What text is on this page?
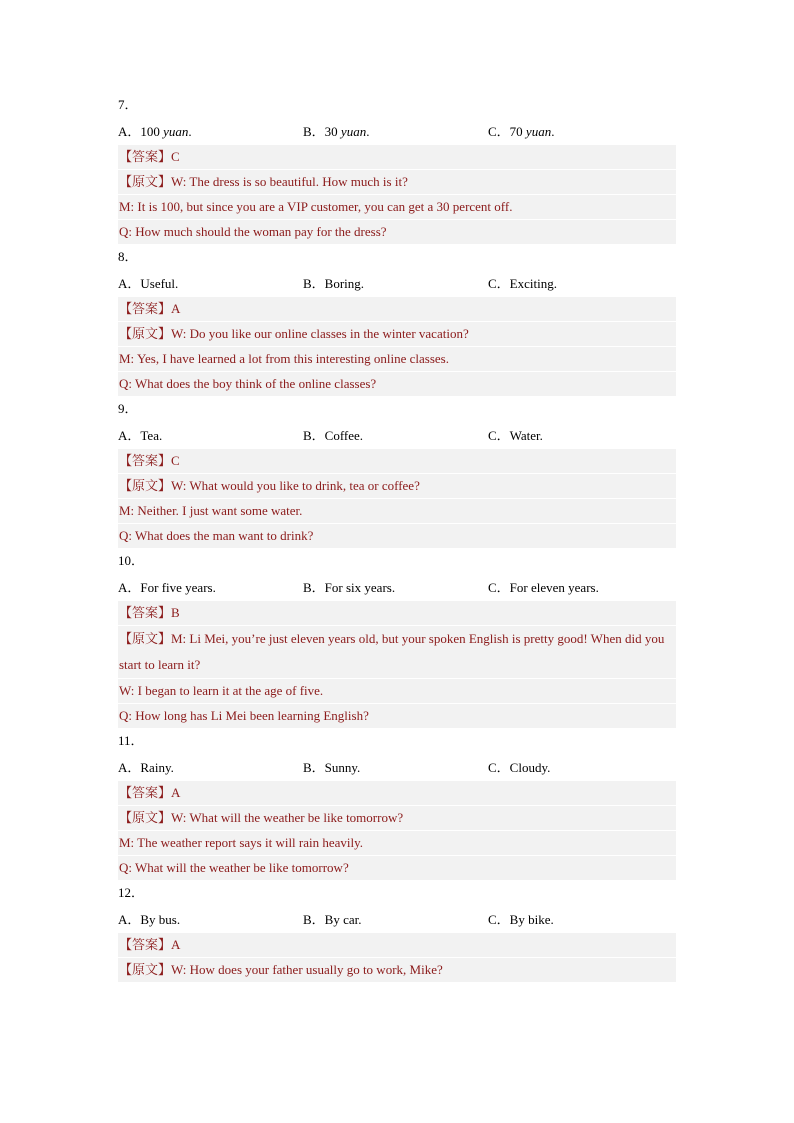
7．
A．100 yuan.	B．30 yuan.	C．70 yuan.
【答案】C
【原文】W: The dress is so beautiful. How much is it?
M: It is 100, but since you are a VIP customer, you can get a 30 percent off.
Q: How much should the woman pay for the dress?
8．
A．Useful.	B．Boring.	C．Exciting.
【答案】A
【原文】W: Do you like our online classes in the winter vacation?
M: Yes, I have learned a lot from this interesting online classes.
Q: What does the boy think of the online classes?
9．
A．Tea.	B．Coffee.	C．Water.
【答案】C
【原文】W: What would you like to drink, tea or coffee?
M: Neither. I just want some water.
Q: What does the man want to drink?
10．
A．For five years.	B．For six years.	C．For eleven years.
【答案】B
【原文】M: Li Mei, you’re just eleven years old, but your spoken English is pretty good! When did you start to learn it?
W: I began to learn it at the age of five.
Q: How long has Li Mei been learning English?
11．
A．Rainy.	B．Sunny.	C．Cloudy.
【答案】A
【原文】W: What will the weather be like tomorrow?
M: The weather report says it will rain heavily.
Q: What will the weather be like tomorrow?
12．
A．By bus.	B．By car.	C．By bike.
【答案】A
【原文】W: How does your father usually go to work, Mike?
